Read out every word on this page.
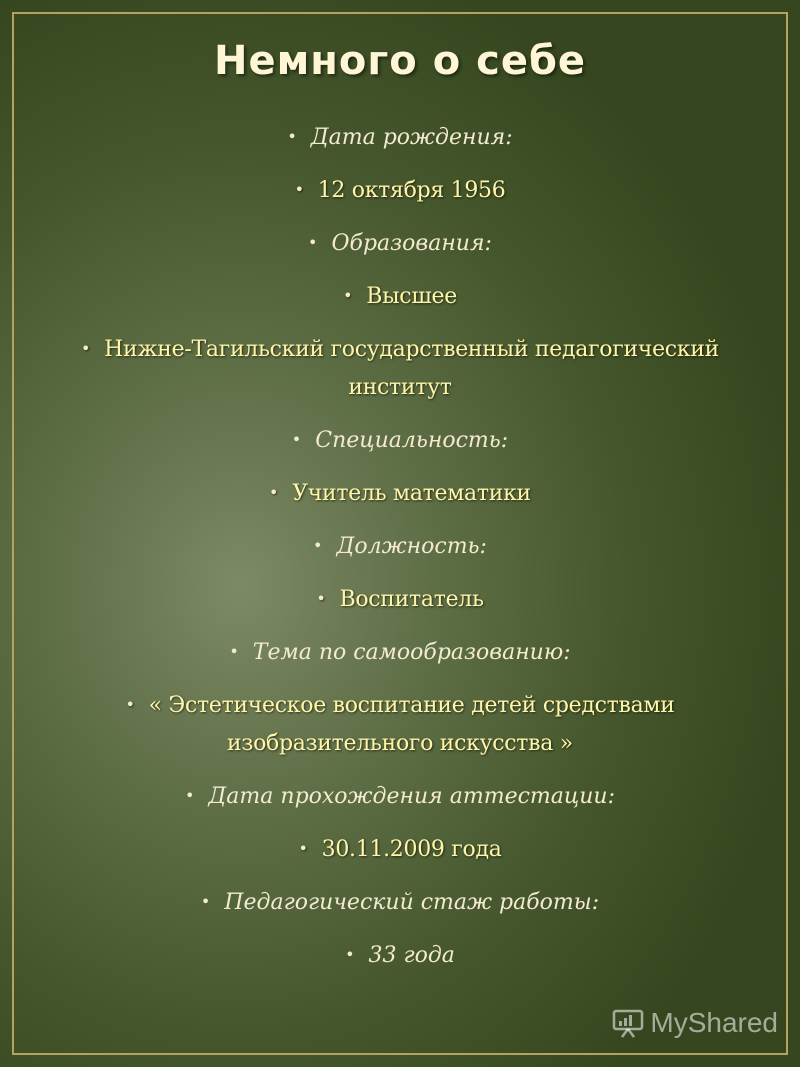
Немного о себе
• Дата рождения:
• 12 октября 1956
• Образования:
• Высшее
• Нижне-Тагильский государственный педагогический институт
• Специальность:
• Учитель математики
• Должность:
• Воспитатель
• Тема по самообразованию:
• « Эстетическое воспитание детей средствами изобразительного искусства »
• Дата прохождения аттестации:
• 30.11.2009 года
• Педагогический стаж работы:
• 33 года
MyShared
